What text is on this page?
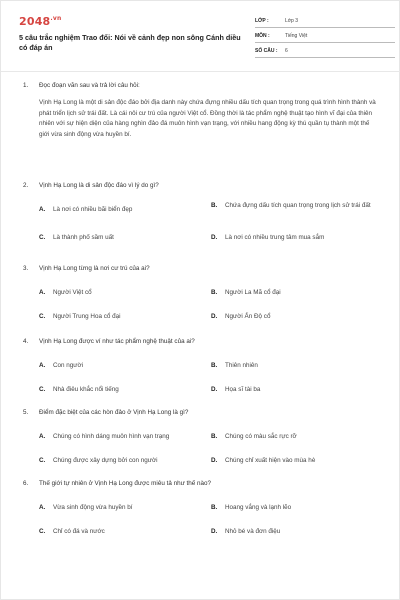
$2048^{.vn}$
5 câu trắc nghiệm Trao đổi: Nói về cảnh đẹp non sông Cánh diều có đáp án
LỚP :	Lớp 3
MÔN :	Tiếng Việt
SỐ CÂU :	6
1.	Đọc đoạn văn sau và trả lời câu hỏi:
Vịnh Hạ Long là một di sản độc đáo bởi địa danh này chứa đựng nhiều dấu tích quan trọng trong quá trình hình thành và phát triển lịch sử trái đất. Là cái nôi cư trú của người Việt cổ. Đồng thời là tác phẩm nghệ thuật tạo hình vĩ đại của thiên nhiên với sự hiện diện của hàng nghìn đảo đá muôn hình vạn trạng, với nhiều hang động kỳ thú quần tụ thành một thế giới vừa sinh động vừa huyền bí.
2.	Vịnh Hạ Long là di sản độc đáo vì lý do gì?
A.	Là nơi có nhiều bãi biển đẹp
B.	Chứa đựng dấu tích quan trọng trong lịch sử trái đất
C.	Là thành phố sầm uất	D.	Là nơi có nhiều trung tâm mua sắm
3.	Vịnh Hạ Long từng là nơi cư trú của ai?
A.	Người Việt cổ	B.	Người La Mã cổ đại
C.	Người Trung Hoa cổ đại	D.	Người Ấn Độ cổ
4.	Vịnh Hạ Long được ví như tác phẩm nghệ thuật của ai?
A.	Con người	B.	Thiên nhiên
C.	Nhà điêu khắc nổi tiếng	D.	Họa sĩ tài ba
5.	Điểm đặc biệt của các hòn đảo ở Vịnh Hạ Long là gì?
A.	Chúng có hình dáng muôn hình vạn trạng	B.	Chúng có màu sắc rực rỡ
C.	Chúng được xây dựng bởi con người	D.	Chúng chỉ xuất hiện vào mùa hè
6.	Thế giới tự nhiên ở Vịnh Hạ Long được miêu tả như thế nào?
A.	Vừa sinh động vừa huyền bí	B.	Hoang vắng và lạnh lẽo
C.	Chỉ có đá và nước	D.	Nhỏ bé và đơn điệu
